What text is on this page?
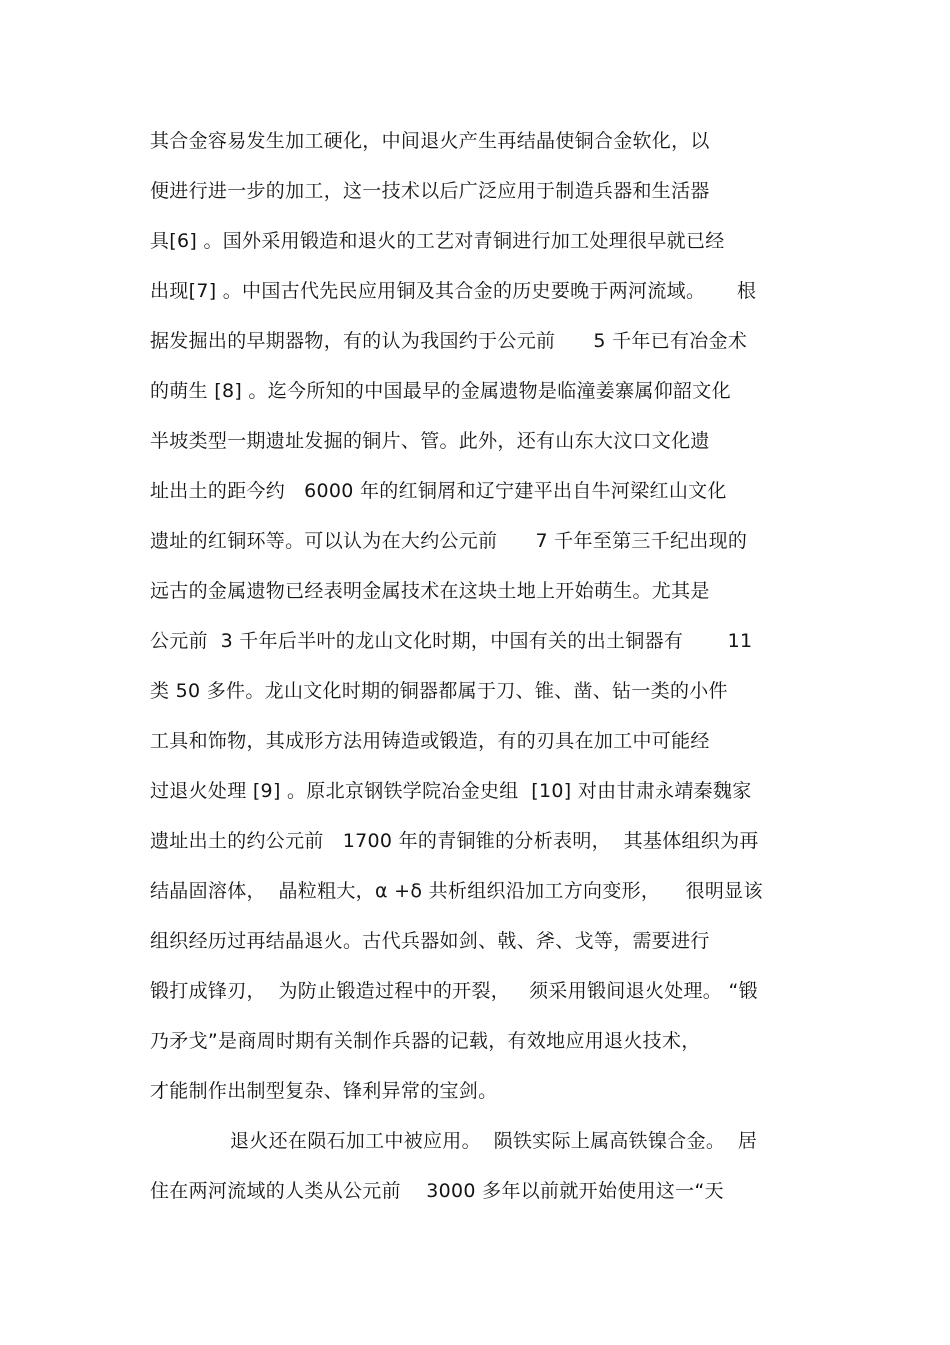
其合金容易发生加工硬化，中间退火产生再结晶使铜合金软化，以
便进行进一步的加工，这一技术以后广泛应用于制造兵器和生活器
具[6] 。国外采用锻造和退火的工艺对青铜进行加工处理很早就已经
出现[7] 。中国古代先民应用铜及其合金的历史要晚于两河流域。     根
据发掘出的早期器物，有的认为我国约于公元前      5 千年已有冶金术
的萌生 [8] 。迄今所知的中国最早的金属遗物是临潼姜寨属仰韶文化
半坡类型一期遗址发掘的铜片、管。此外，还有山东大汶口文化遗
址出土的距今约   6000 年的红铜屑和辽宁建平出自牛河梁红山文化
遗址的红铜环等。可以认为在大约公元前      7 千年至第三千纪出现的
远古的金属遗物已经表明金属技术在这块土地上开始萌生。尤其是
公元前  3 千年后半叶的龙山文化时期，中国有关的出土铜器有       11
类 50 多件。龙山文化时期的铜器都属于刀、锥、凿、钻一类的小件
工具和饰物，其成形方法用铸造或锻造，有的刃具在加工中可能经
过退火处理 [9] 。原北京钢铁学院冶金史组  [10] 对由甘肃永靖秦魏家
遗址出土的约公元前   1700 年的青铜锥的分析表明，  其基体组织为再
结晶固溶体，  晶粒粗大，α +δ 共析组织沿加工方向变形，    很明显该
组织经历过再结晶退火。古代兵器如剑、戟、斧、戈等，需要进行
锻打成锋刃，  为防止锻造过程中的开裂，   须采用锻间退火处理。 “锻
乃矛戈”是商周时期有关制作兵器的记载，有效地应用退火技术，
才能制作出制型复杂、锋利异常的宝剑。
退火还在陨石加工中被应用。  陨铁实际上属高铁镍合金。  居
住在两河流域的人类从公元前    3000 多年以前就开始使用这一“天
